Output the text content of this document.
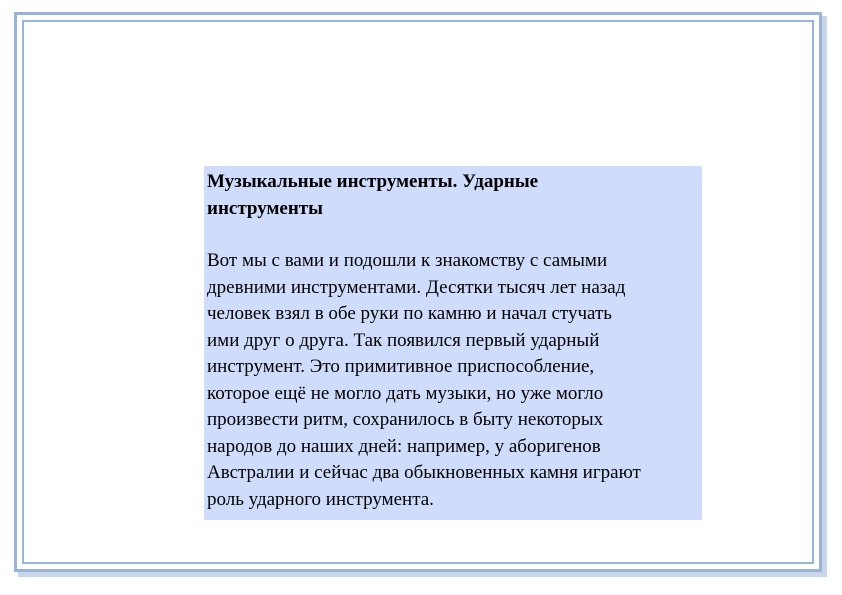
Музыкальные инструменты. Ударные
инструменты

Вот мы с вами и подошли к знакомству с самыми
древними инструментами. Десятки тысяч лет назад
человек взял в обе руки по камню и начал стучать
ими друг о друга. Так появился первый ударный
инструмент. Это примитивное приспособление,
которое ещё не могло дать музыки, но уже могло
произвести ритм, сохранилось в быту некоторых
народов до наших дней: например, у аборигенов
Австралии и сейчас два обыкновенных камня играют
роль ударного инструмента.
